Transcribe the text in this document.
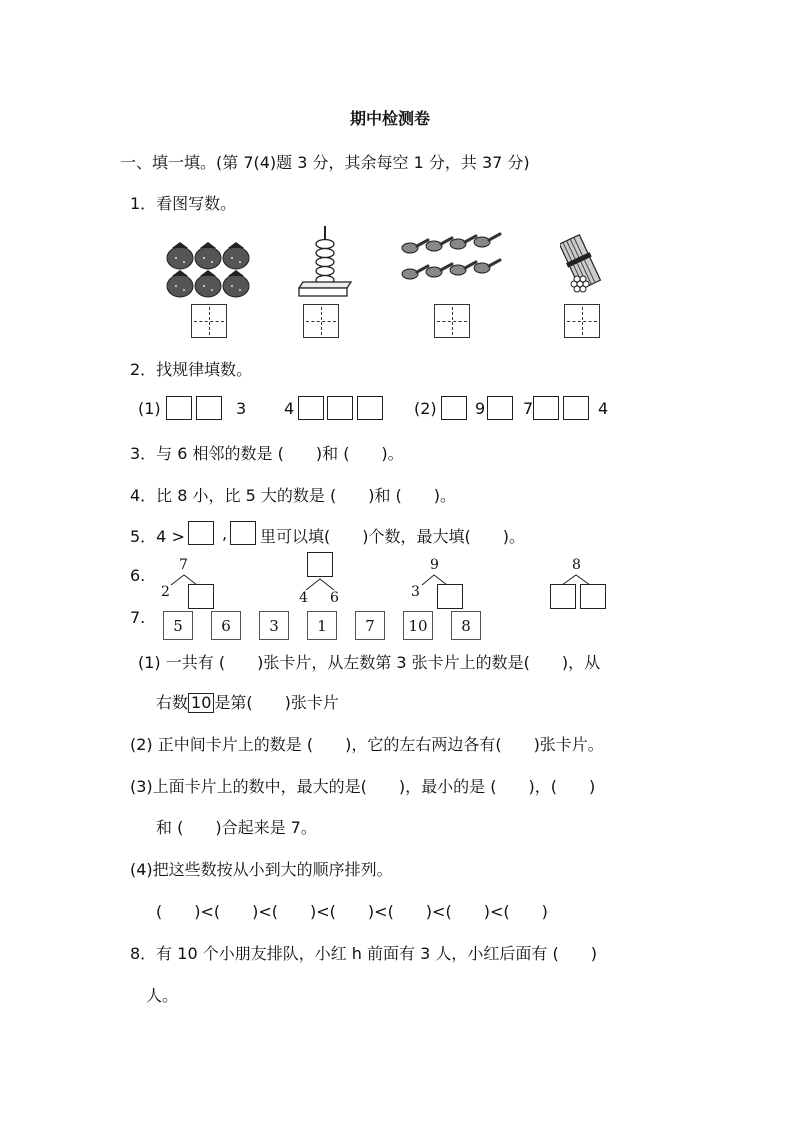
期中检测卷
一、填一填。(第 7(4)题 3 分，其余每空 1 分，共 37 分)
1．看图写数。
2．找规律填数。
(1)	3 4	(2) 9 7	4
3．与 6 相邻的数是 (　　)和 (　　)。
4．比 8 小，比 5 大的数是 (　　)和 (　　)。
5．4 > , 里可以填(　　)个数，最大填(　　)。
6.
7
2	4 6
9
3
8
7.	5	6	3	1	7	10	8
(1) 一共有 (　　)张卡片，从左数第 3 张卡片上的数是(　　)，从
右数 10 是第(　　)张卡片
(2) 正中间卡片上的数是 (　　)，它的左右两边各有(　　)张卡片。
(3)上面卡片上的数中，最大的是(　　)，最小的是 (　　)，(　　)
和 (　　)合起来是 7。
(4)把这些数按从小到大的顺序排列。
(　　)<(　　)<(　　)<(　　)<(　　)<(　　)<(　　)
8．有 10 个小朋友排队，小红 h 前面有 3 人，小红后面有 (　　)
人。
